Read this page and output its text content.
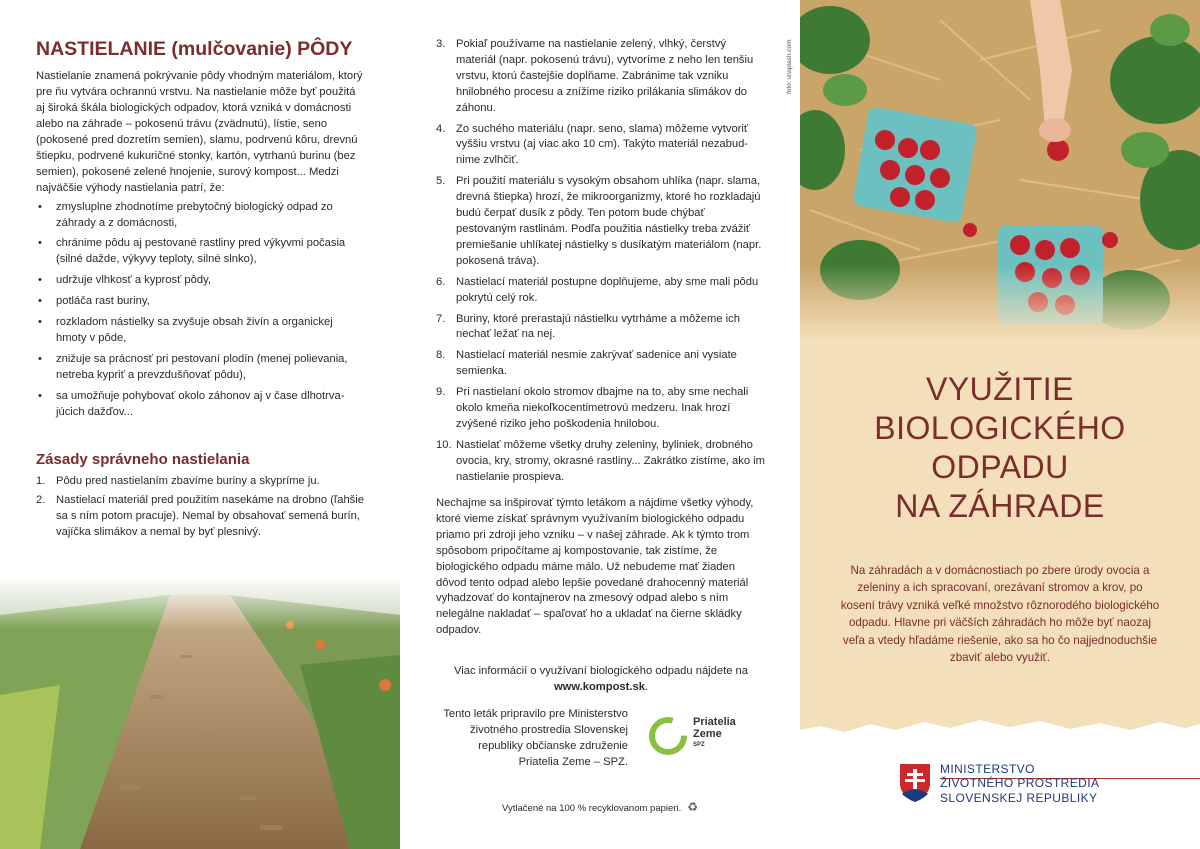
NASTIELANIE (mulčovanie) PÔDY

Nastielanie znamená pokrývanie pôdy vhodným materiálom, ktorý pre ňu vytvára ochrannú vrstvu. Na nastielanie môže byť použitá aj široká škála biologických odpadov, ktorá vzniká v domácnosti alebo na záhrade – pokosenú trávu (zvädnutú), lístie, seno (pokosené pred dozretím semien), slamu, podrvenú kôru, drevnú štiepku, podrvené kukuričné stonky, kartón, vytrhanú burinu (bez semien), pokosené zelené hnojenie, surový kompost... Medzi najväčšie výhody nastielania patrí, že:

• zmysluplne zhodnotíme prebytočný biologický odpad zo záhrady a z domácnosti,
• chránime pôdu aj pestované rastliny pred výkyvmi počasia (silné dažde, výkyvy teploty, silné slnko),
• udržuje vlhkosť a kyprosť pôdy,
• potláča rast buriny,
• rozkladom nástielky sa zvyšuje obsah živín a organickej hmoty v pôde,
• znižuje sa prácnosť pri pestovaní plodín (menej polievania, netreba kypriť a prevzdušňovať pôdu),
• sa umožňuje pohybovať okolo záhonov aj v čase dlhotrvajúcich dažďov...
Zásady správneho nastielania
1. Pôdu pred nastielaním zbavíme buriny a skypríme ju.
2. Nastielací materiál pred použitím nasekáme na drobno (ľahšie sa s ním potom pracuje). Nemal by obsahovať semená burín, vajíčka slimákov a nemal by byť plesnivý.
3. Pokiaľ používame na nastielanie zelený, vlhký, čerstvý materiál (napr. pokosenú trávu), vytvoríme z neho len tenšiu vrstvu, ktorú častejšie doplňame. Zabránime tak vzniku hnilobného procesu a znížime riziko prilákania slimákov do záhonu.
4. Zo suchého materiálu (napr. seno, slama) môžeme vytvoriť vyššiu vrstvu (aj viac ako 10 cm). Takýto materiál nezabudnime zvlhčiť.
5. Pri použití materiálu s vysokým obsahom uhlíka (napr. slama, drevná štiepka) hrozí, že mikroorganizmy, ktoré ho rozkladajú budú čerpať dusík z pôdy. Ten potom bude chýbať pestovaným rastlinám. Podľa použitia nástielky treba zvážiť premiešanie uhlíkatej nástielky s dusíkatým materiálom (napr. pokosená tráva).
6. Nastielací materiál postupne doplňujeme, aby sme mali pôdu pokrytú celý rok.
7. Buriny, ktoré prerastajú nástielku vytrháme a môžeme ich nechať ležať na nej.
8. Nastielací materiál nesmie zakrývať sadenice ani vysiate semienka.
9. Pri nastielaní okolo stromov dbajme na to, aby sme nechali okolo kmeňa niekoľkocentimetrovú medzeru. Inak hrozí zvýšené riziko jeho poškodenia hnilobou.
10. Nastielať môžeme všetky druhy zeleniny, byliniek, drobného ovocia, kry, stromy, okrasné rastliny... Zakrátko zistíme, ako im nastielanie prospieva.

Nechajme sa inšpirovať týmto letákom a nájdime všetky výhody, ktoré vieme získať správnym využívaním biologického odpadu priamo pri zdroji jeho vzniku – v našej záhrade. Ak k týmto trom spôsobom pripočítame aj kompostovanie, tak zistíme, že biologického odpadu máme málo. Už nebudeme mať žiaden dôvod tento odpad alebo lepšie povedané drahocenný materiál vyhadzovať do kontajnerov na zmesový odpad alebo s ním nelegálne nakladať – spaľovať ho a ukladať na čierne skládky odpadov.

Viac informácií o využívaní biologického odpadu nájdete na www.kompost.sk.

Tento leták pripravilo pre Ministerstvo životného prostredia Slovenskej republiky občianske združenie Priatelia Zeme – SPZ.

Priatelia
Zeme
SPZ
Vytlačené na 100 % recyklovanom papieri. ♻
foto: unsplash.com
VYUŽITIE
BIOLOGICKÉHO
ODPADU
NA ZÁHRADE

Na záhradách a v domácnostiach po zbere úrody ovocia a zeleniny a ich spracovaní, orezávaní stromov a krov, po kosení trávy vzniká veľké množstvo rôznorodého biologického odpadu. Hlavne pri väčších záhradách ho môže byť naozaj veľa a vtedy hľadáme riešenie, ako sa ho čo najjednoduchšie zbaviť alebo využiť.

MINISTERSTVO
ŽIVOTNÉHO PROSTREDIA
SLOVENSKEJ REPUBLIKY
